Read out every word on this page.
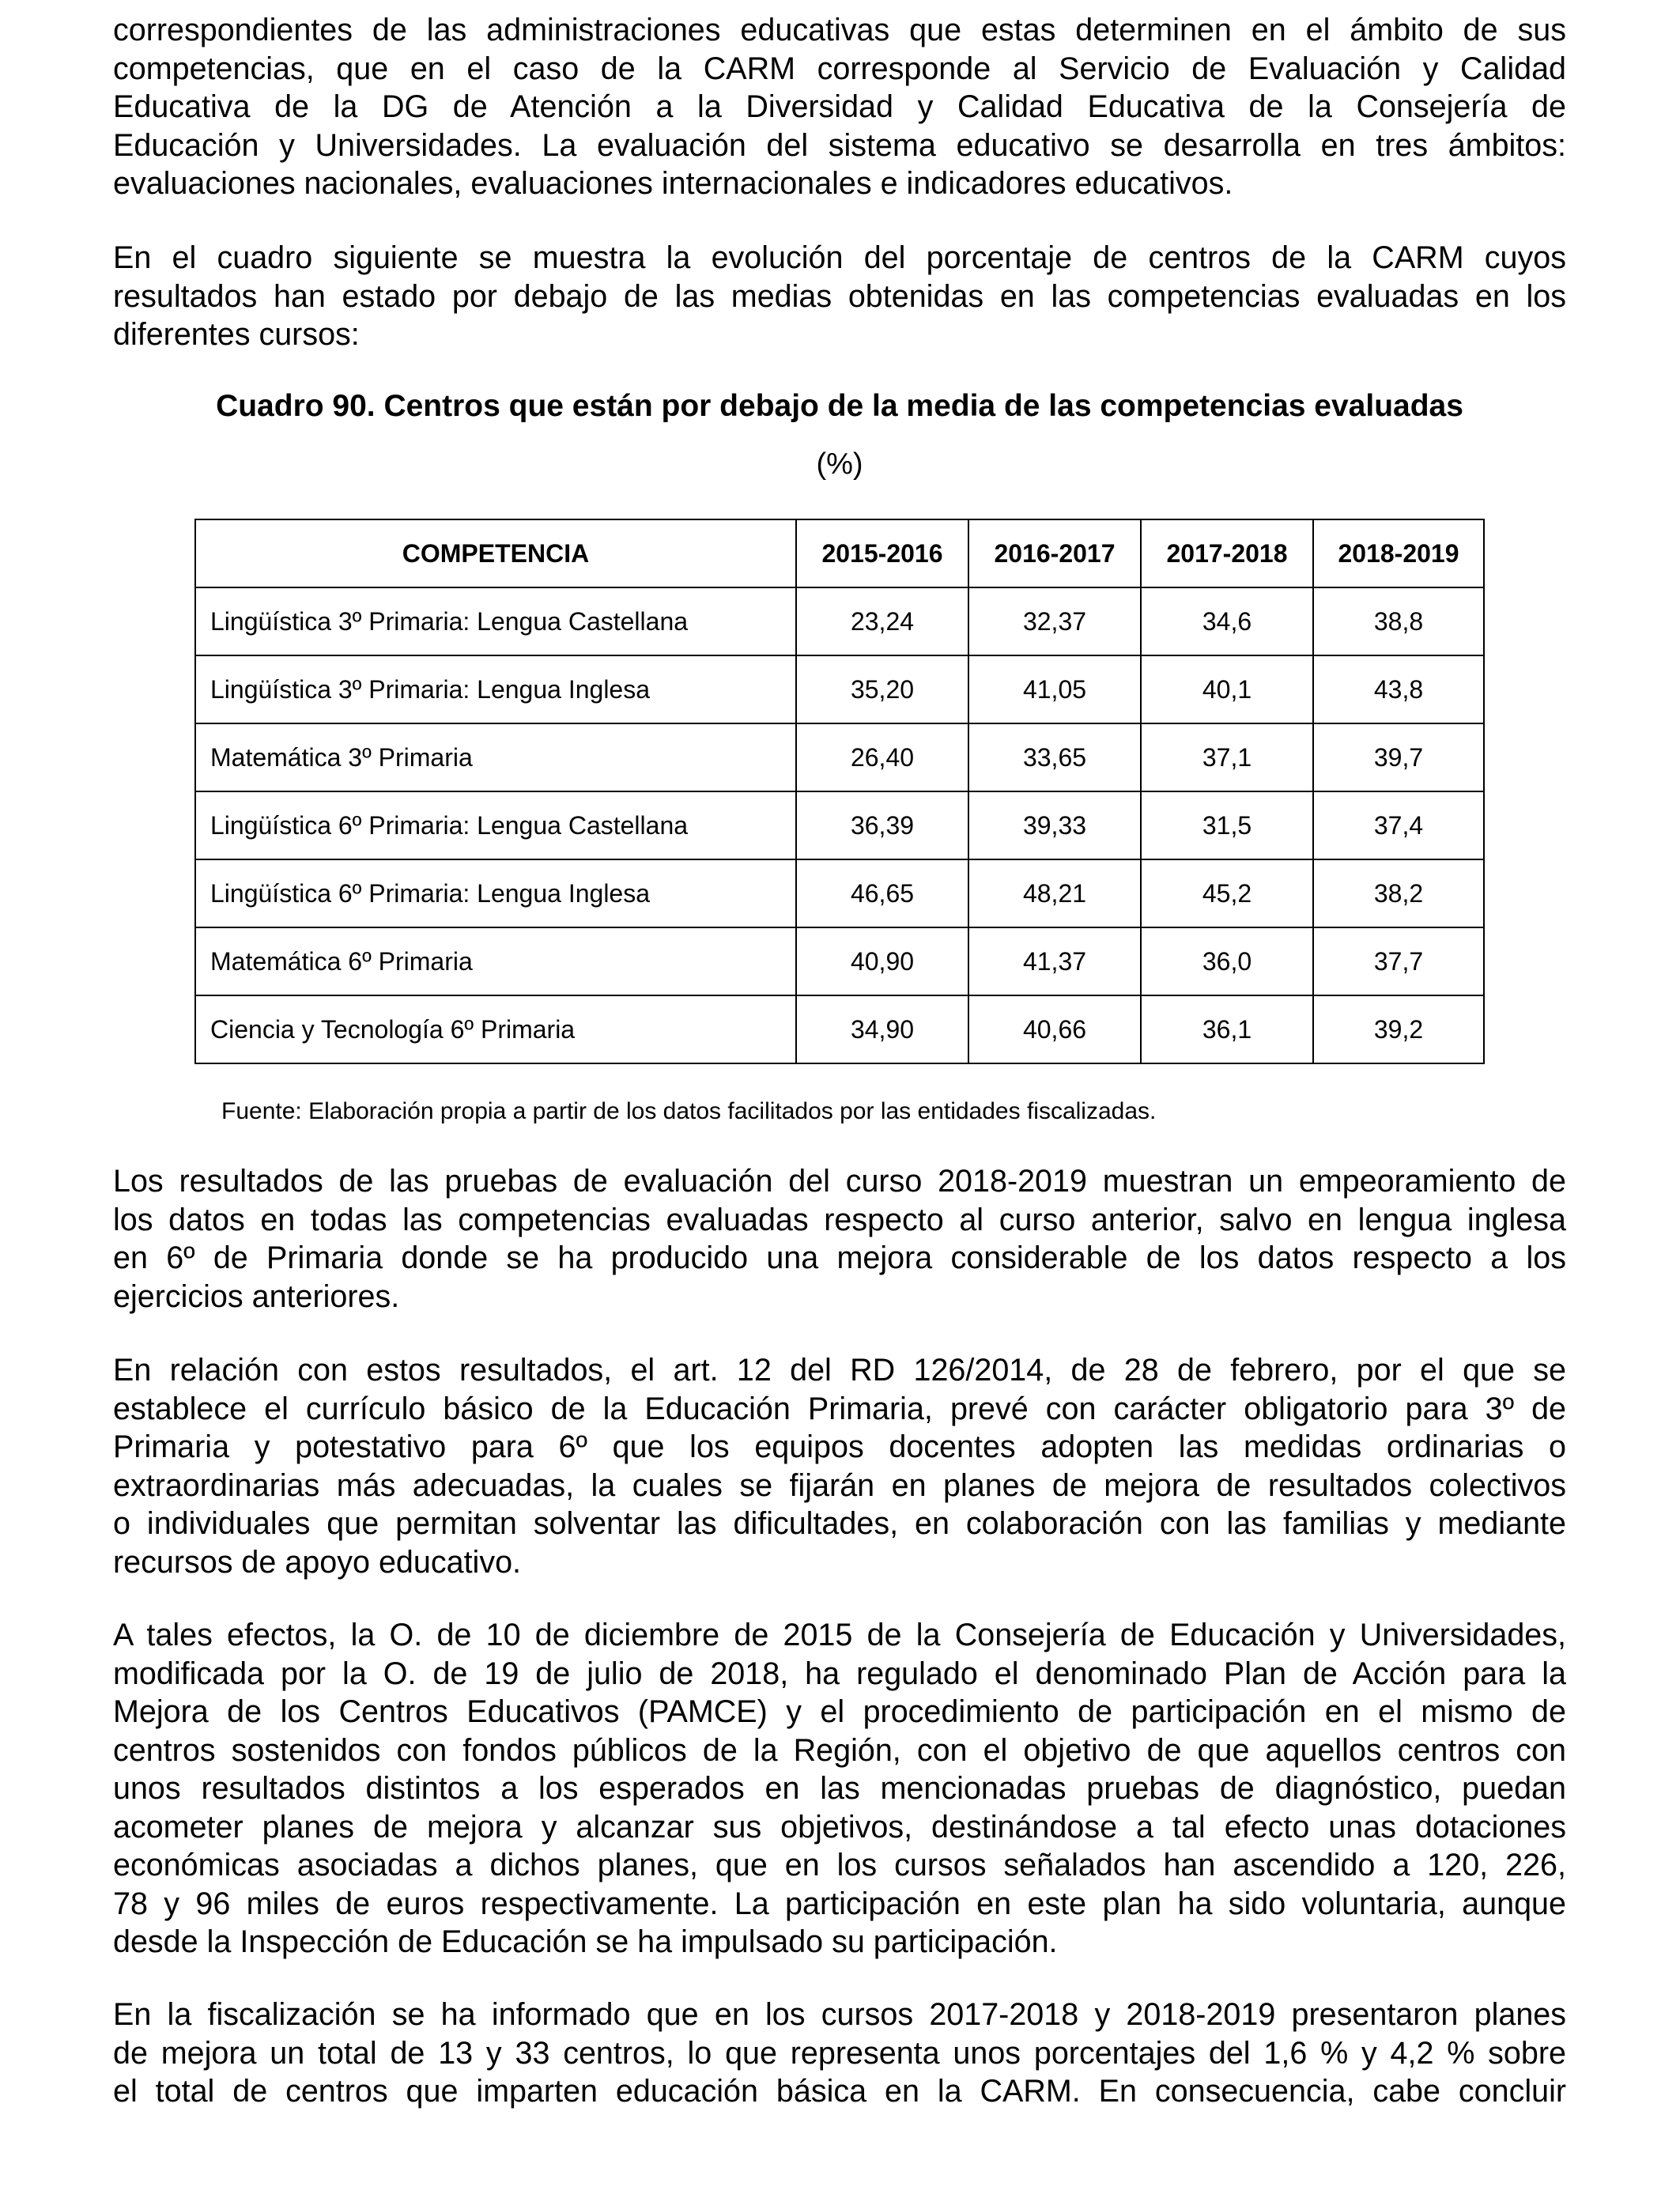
correspondientes de las administraciones educativas que estas determinen en el ámbito de sus
competencias, que en el caso de la CARM corresponde al Servicio de Evaluación y Calidad
Educativa de la DG de Atención a la Diversidad y Calidad Educativa de la Consejería de
Educación y Universidades. La evaluación del sistema educativo se desarrolla en tres ámbitos:
evaluaciones nacionales, evaluaciones internacionales e indicadores educativos.

En el cuadro siguiente se muestra la evolución del porcentaje de centros de la CARM cuyos
resultados han estado por debajo de las medias obtenidas en las competencias evaluadas en los
diferentes cursos:

Cuadro 90. Centros que están por debajo de la media de las competencias evaluadas
(%)
COMPETENCIA	2015-2016	2016-2017	2017-2018	2018-2019
Lingüística 3º Primaria: Lengua Castellana	23,24	32,37	34,6	38,8
Lingüística 3º Primaria: Lengua Inglesa	35,20	41,05	40,1	43,8
Matemática 3º Primaria	26,40	33,65	37,1	39,7
Lingüística 6º Primaria: Lengua Castellana	36,39	39,33	31,5	37,4
Lingüística 6º Primaria: Lengua Inglesa	46,65	48,21	45,2	38,2
Matemática 6º Primaria	40,90	41,37	36,0	37,7
Ciencia y Tecnología 6º Primaria	34,90	40,66	36,1	39,2
Fuente: Elaboración propia a partir de los datos facilitados por las entidades fiscalizadas.

Los resultados de las pruebas de evaluación del curso 2018-2019 muestran un empeoramiento de
los datos en todas las competencias evaluadas respecto al curso anterior, salvo en lengua inglesa
en 6º de Primaria donde se ha producido una mejora considerable de los datos respecto a los
ejercicios anteriores.

En relación con estos resultados, el art. 12 del RD 126/2014, de 28 de febrero, por el que se
establece el currículo básico de la Educación Primaria, prevé con carácter obligatorio para 3º de
Primaria y potestativo para 6º que los equipos docentes adopten las medidas ordinarias o
extraordinarias más adecuadas, la cuales se fijarán en planes de mejora de resultados colectivos
o individuales que permitan solventar las dificultades, en colaboración con las familias y mediante
recursos de apoyo educativo.

A tales efectos, la O. de 10 de diciembre de 2015 de la Consejería de Educación y Universidades,
modificada por la O. de 19 de julio de 2018, ha regulado el denominado Plan de Acción para la
Mejora de los Centros Educativos (PAMCE) y el procedimiento de participación en el mismo de
centros sostenidos con fondos públicos de la Región, con el objetivo de que aquellos centros con
unos resultados distintos a los esperados en las mencionadas pruebas de diagnóstico, puedan
acometer planes de mejora y alcanzar sus objetivos, destinándose a tal efecto unas dotaciones
económicas asociadas a dichos planes, que en los cursos señalados han ascendido a 120, 226,
78 y 96 miles de euros respectivamente. La participación en este plan ha sido voluntaria, aunque
desde la Inspección de Educación se ha impulsado su participación.

En la fiscalización se ha informado que en los cursos 2017-2018 y 2018-2019 presentaron planes
de mejora un total de 13 y 33 centros, lo que representa unos porcentajes del 1,6 % y 4,2 % sobre
el total de centros que imparten educación básica en la CARM. En consecuencia, cabe concluir
